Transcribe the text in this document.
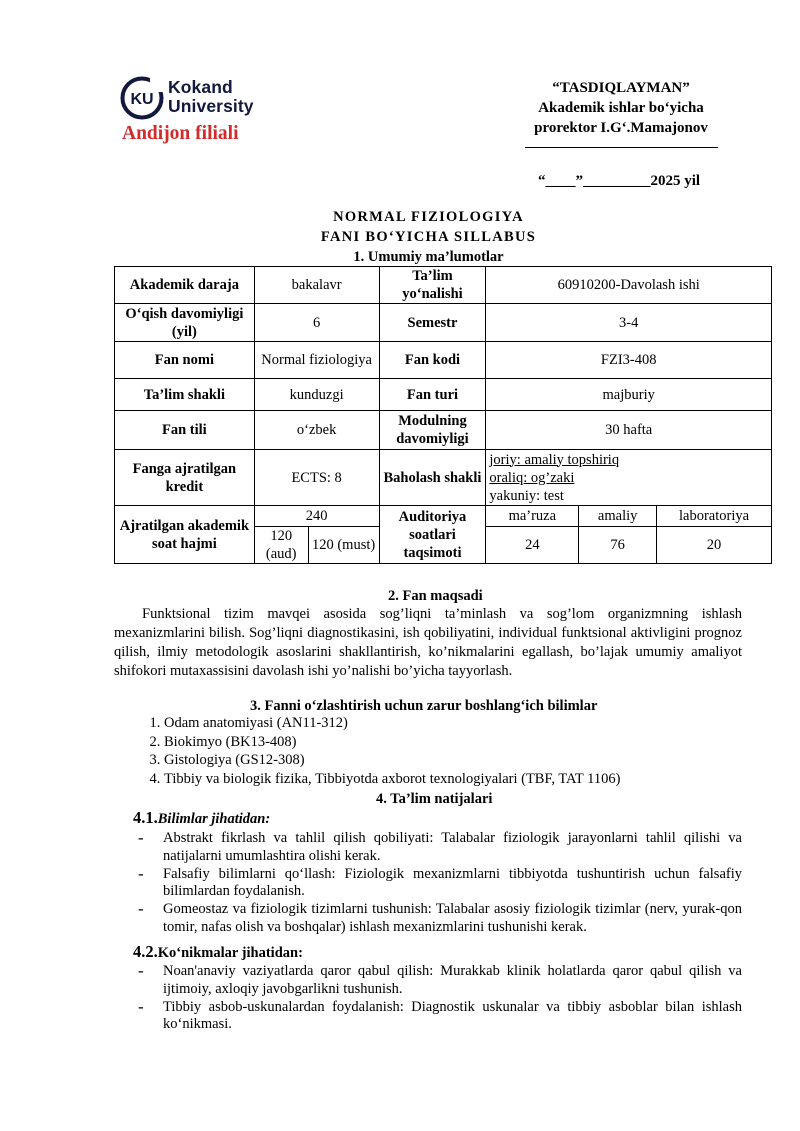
KU
Kokand
University
Andijon filiali
“TASDIQLAYMAN”
Akademik ishlar bo‘yicha
prorektor I.G‘.Mamajonov
“____”_________2025 yil
NORMAL FIZIOLOGIYA
FANI BO‘YICHA SILLABUS
1. Umumiy ma’lumotlar
Akademik daraja	bakalavr		Ta’lim yo‘nalishi	60910200-Davolash ishi		
O‘qish davomiyligi (yil)	6		Semestr	3-4		
Fan nomi	Normal fiziologiya		Fan kodi	FZI3-408		
Ta’lim shakli	kunduzgi		Fan turi	majburiy		
Fan tili	o‘zbek		Modulning davomiyligi	30 hafta		
Fanga ajratilgan kredit	ECTS: 8		Baholash shakli	joriy: amaliy topshiriq
oraliq: og’zaki
yakuniy: test		

Ajratilgan akademik soat hajmi	240		Auditoriya soatlari taqsimoti	ma’ruza	amaliy	laboratoriya
	120 (aud)	120 (must)		24	76	20
2. Fan maqsadi
Funktsional tizim mavqei asosida sog’liqni ta’minlash va sog’lom organizmning ishlash mexanizmlarini bilish. Sog’liqni diagnostikasini, ish qobiliyatini, individual funktsional aktivligini prognoz qilish, ilmiy metodologik asoslarini shakllantirish, ko’nikmalarini egallash, bo’lajak umumiy amaliyot shifokori mutaxassisini davolash ishi yo’nalishi bo’yicha tayyorlash.
3. Fanni o‘zlashtirish uchun zarur boshlang‘ich bilimlar
1. Odam anatomiyasi (AN11-312)
2. Biokimyo (BK13-408)
3. Gistologiya (GS12-308)
4. Tibbiy va biologik fizika, Tibbiyotda axborot texnologiyalari (TBF, TAT 1106)
4. Ta’lim natijalari
4.1.Bilimlar jihatidan:
- Abstrakt fikrlash va tahlil qilish qobiliyati: Talabalar fiziologik jarayonlarni tahlil qilishi va natijalarni umumlashtira olishi kerak.
- Falsafiy bilimlarni qo‘llash: Fiziologik mexanizmlarni tibbiyotda tushuntirish uchun falsafiy bilimlardan foydalanish.
- Gomeostaz va fiziologik tizimlarni tushunish: Talabalar asosiy fiziologik tizimlar (nerv, yurak-qon tomir, nafas olish va boshqalar) ishlash mexanizmlarini tushunishi kerak.
4.2.Ko‘nikmalar jihatidan:
- Noan'anaviy vaziyatlarda qaror qabul qilish: Murakkab klinik holatlarda qaror qabul qilish va ijtimoiy, axloqiy javobgarlikni tushunish.
- Tibbiy asbob-uskunalardan foydalanish: Diagnostik uskunalar va tibbiy asboblar bilan ishlash ko‘nikmasi.
